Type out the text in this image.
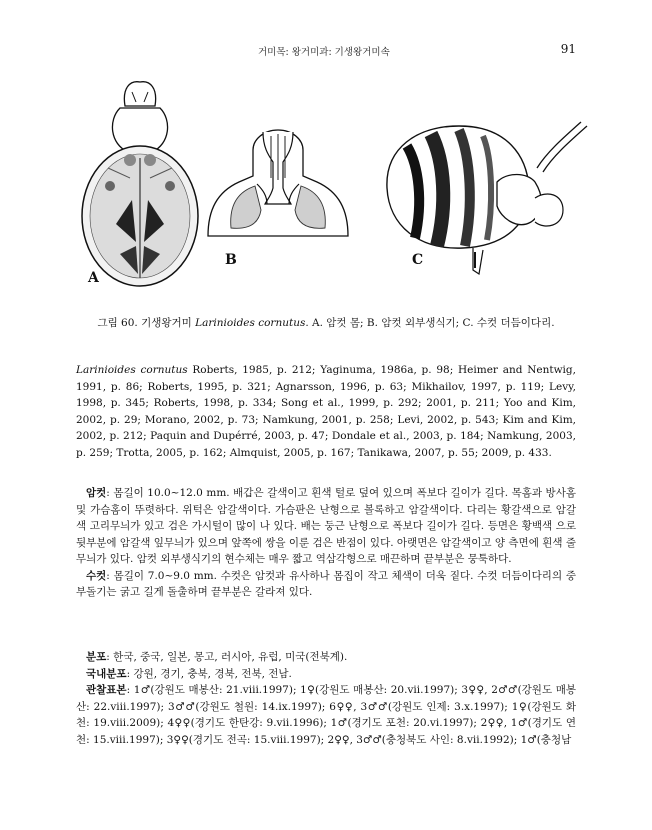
거미목: 왕거미과: 기생왕거미속	91
A
B	C
그림 60. 기생왕거미 Larinioides cornutus. A. 암컷 몸; B. 암컷 외부생식기; C. 수컷 더듬이다리.

Larinioides cornutus Roberts, 1985, p. 212; Yaginuma, 1986a, p. 98; Heimer and Nentwig, 1991, p. 86; Roberts, 1995, p. 321; Agnarsson, 1996, p. 63; Mikhailov, 1997, p. 119; Levy, 1998, p. 345; Roberts, 1998, p. 334; Song et al., 1999, p. 292; 2001, p. 211; Yoo and Kim, 2002, p. 29; Morano, 2002, p. 73; Namkung, 2001, p. 258; Levi, 2002, p. 543; Kim and Kim, 2002, p. 212; Paquin and Dupérré, 2003, p. 47; Dondale et al., 2003, p. 184; Namkung, 2003, p. 259; Trotta, 2005, p. 162; Almquist, 2005, p. 167; Tanikawa, 2007, p. 55; 2009, p. 433.

암컷: 몸길이 10.0~12.0 mm. 배갑은 갈색이고 흰색 털로 덮여 있으며 폭보다 길이가 길다. 목홈과 방사홈 및 가슴홈이 뚜렷하다. 위턱은 암갈색이다. 가슴판은 난형으로 볼록하고 암갈색이다. 다리는 황갈색으로 암갈색 고리무늬가 있고 검은 가시털이 많이 나 있다. 배는 둥근 난형으로 폭보다 길이가 길다. 등면은 황백색 으로 뒷부분에 암갈색 잎무늬가 있으며 앞쪽에 쌍을 이룬 검은 반점이 있다. 아랫면은 암갈색이고 양 측면에 흰색 줄무늬가 있다. 암컷 외부생식기의 현수체는 매우 짧고 역삼각형으로 매끈하며 끝부분은 뭉툭하다.

수컷: 몸길이 7.0~9.0 mm. 수컷은 암컷과 유사하나 몸집이 작고 체색이 더욱 짙다. 수컷 더듬이다리의 중부돌기는 굵고 길게 돌출하며 끝부분은 갈라져 있다.

분포: 한국, 중국, 일본, 몽고, 러시아, 유럽, 미국(전북계).

국내분포: 강원, 경기, 충북, 경북, 전북, 전남.

관찰표본: 1♂(강원도 매봉산: 21.viii.1997); 1♀(강원도 매봉산: 20.vii.1997); 3♀♀, 2♂♂(강원도 매봉산: 22.viii.1997); 3♂♂(강원도 철원: 14.ix.1997); 6♀♀, 3♂♂(강원도 인제: 3.x.1997); 1♀(강원도 화천: 19.viii.2009); 4♀♀(경기도 한탄강: 9.vii.1996); 1♂(경기도 포천: 20.vi.1997); 2♀♀, 1♂(경기도 연천: 15.viii.1997); 3♀♀(경기도 전곡: 15.viii.1997); 2♀♀, 3♂♂(충청북도 사인: 8.vii.1992); 1♂(충청남
